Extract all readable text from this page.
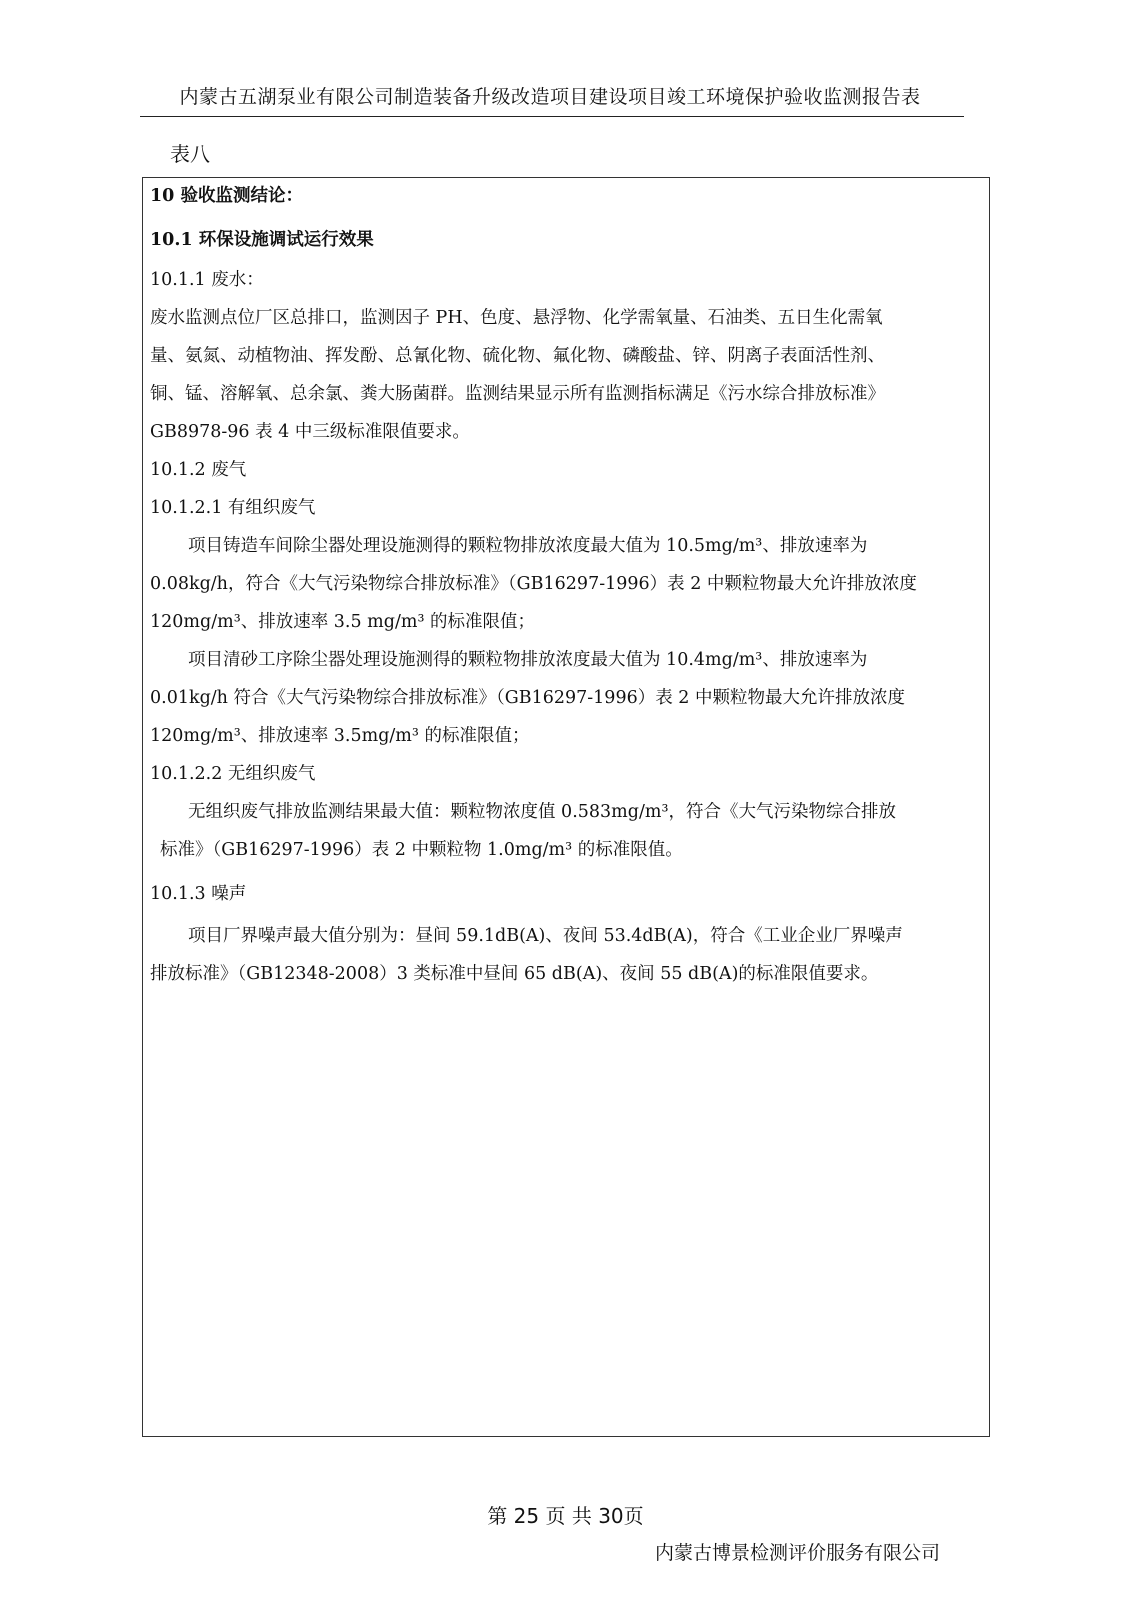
内蒙古五湖泵业有限公司制造装备升级改造项目建设项目竣工环境保护验收监测报告表
表八
10 验收监测结论：
10.1 环保设施调试运行效果
10.1.1 废水：
废水监测点位厂区总排口，监测因子 PH、色度、悬浮物、化学需氧量、石油类、五日生化需氧
量、氨氮、动植物油、挥发酚、总氰化物、硫化物、氟化物、磷酸盐、锌、阴离子表面活性剂、
铜、锰、溶解氧、总余氯、粪大肠菌群。监测结果显示所有监测指标满足《污水综合排放标准》
GB8978-96 表 4 中三级标准限值要求。
10.1.2 废气
10.1.2.1 有组织废气
项目铸造车间除尘器处理设施测得的颗粒物排放浓度最大值为 10.5mg/m³、排放速率为
0.08kg/h，符合《大气污染物综合排放标准》（GB16297-1996）表 2 中颗粒物最大允许排放浓度
120mg/m³、排放速率 3.5 mg/m³ 的标准限值；
项目清砂工序除尘器处理设施测得的颗粒物排放浓度最大值为 10.4mg/m³、排放速率为
0.01kg/h 符合《大气污染物综合排放标准》（GB16297-1996）表 2 中颗粒物最大允许排放浓度
120mg/m³、排放速率 3.5mg/m³ 的标准限值；
10.1.2.2 无组织废气
无组织废气排放监测结果最大值：颗粒物浓度值 0.583mg/m³，符合《大气污染物综合排放
标准》（GB16297-1996）表 2 中颗粒物 1.0mg/m³ 的标准限值。
10.1.3 噪声
项目厂界噪声最大值分别为：昼间 59.1dB(A)、夜间 53.4dB(A)，符合《工业企业厂界噪声
排放标准》（GB12348-2008）3 类标准中昼间 65 dB(A)、夜间 55 dB(A)的标准限值要求。
第 25 页 共 30页
内蒙古博景检测评价服务有限公司
